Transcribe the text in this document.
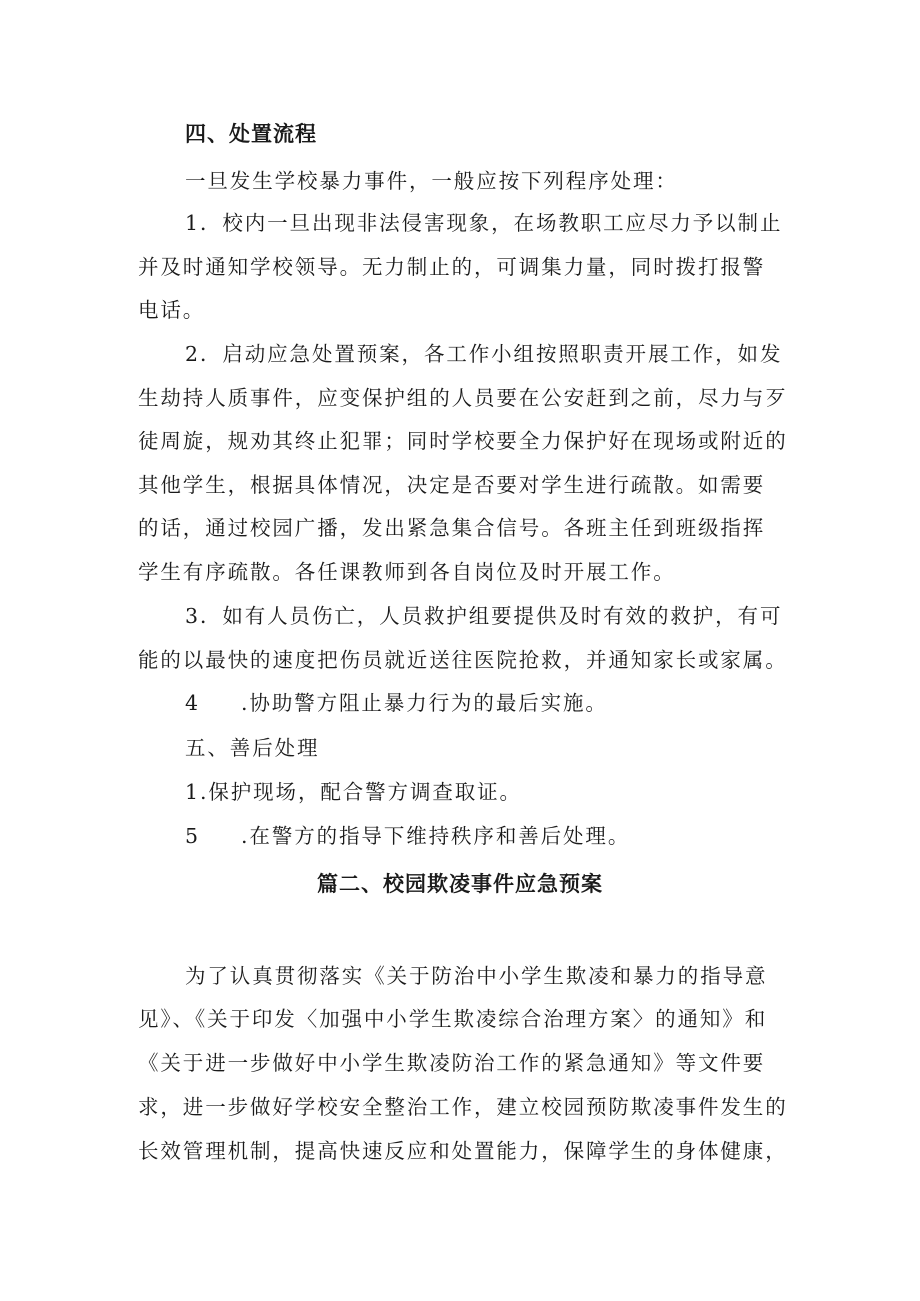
四、处置流程
一旦发生学校暴力事件，一般应按下列程序处理：
1．校内一旦出现非法侵害现象，在场教职工应尽力予以制止
并及时通知学校领导。无力制止的，可调集力量，同时拨打报警
电话。
2．启动应急处置预案，各工作小组按照职责开展工作，如发
生劫持人质事件，应变保护组的人员要在公安赶到之前，尽力与歹
徒周旋，规劝其终止犯罪；同时学校要全力保护好在现场或附近的
其他学生，根据具体情况，决定是否要对学生进行疏散。如需要
的话，通过校园广播，发出紧急集合信号。各班主任到班级指挥
学生有序疏散。各任课教师到各自岗位及时开展工作。
3．如有人员伤亡，人员救护组要提供及时有效的救护，有可
能的以最快的速度把伤员就近送往医院抢救，并通知家长或家属。
4 .协助警方阻止暴力行为的最后实施。
五、善后处理
1.保护现场，配合警方调查取证。
5 .在警方的指导下维持秩序和善后处理。
篇二、校园欺凌事件应急预案
为了认真贯彻落实《关于防治中小学生欺凌和暴力的指导意
见》、《关于印发〈加强中小学生欺凌综合治理方案〉的通知》和
《关于进一步做好中小学生欺凌防治工作的紧急通知》等文件要
求，进一步做好学校安全整治工作，建立校园预防欺凌事件发生的
长效管理机制，提高快速反应和处置能力，保障学生的身体健康，
